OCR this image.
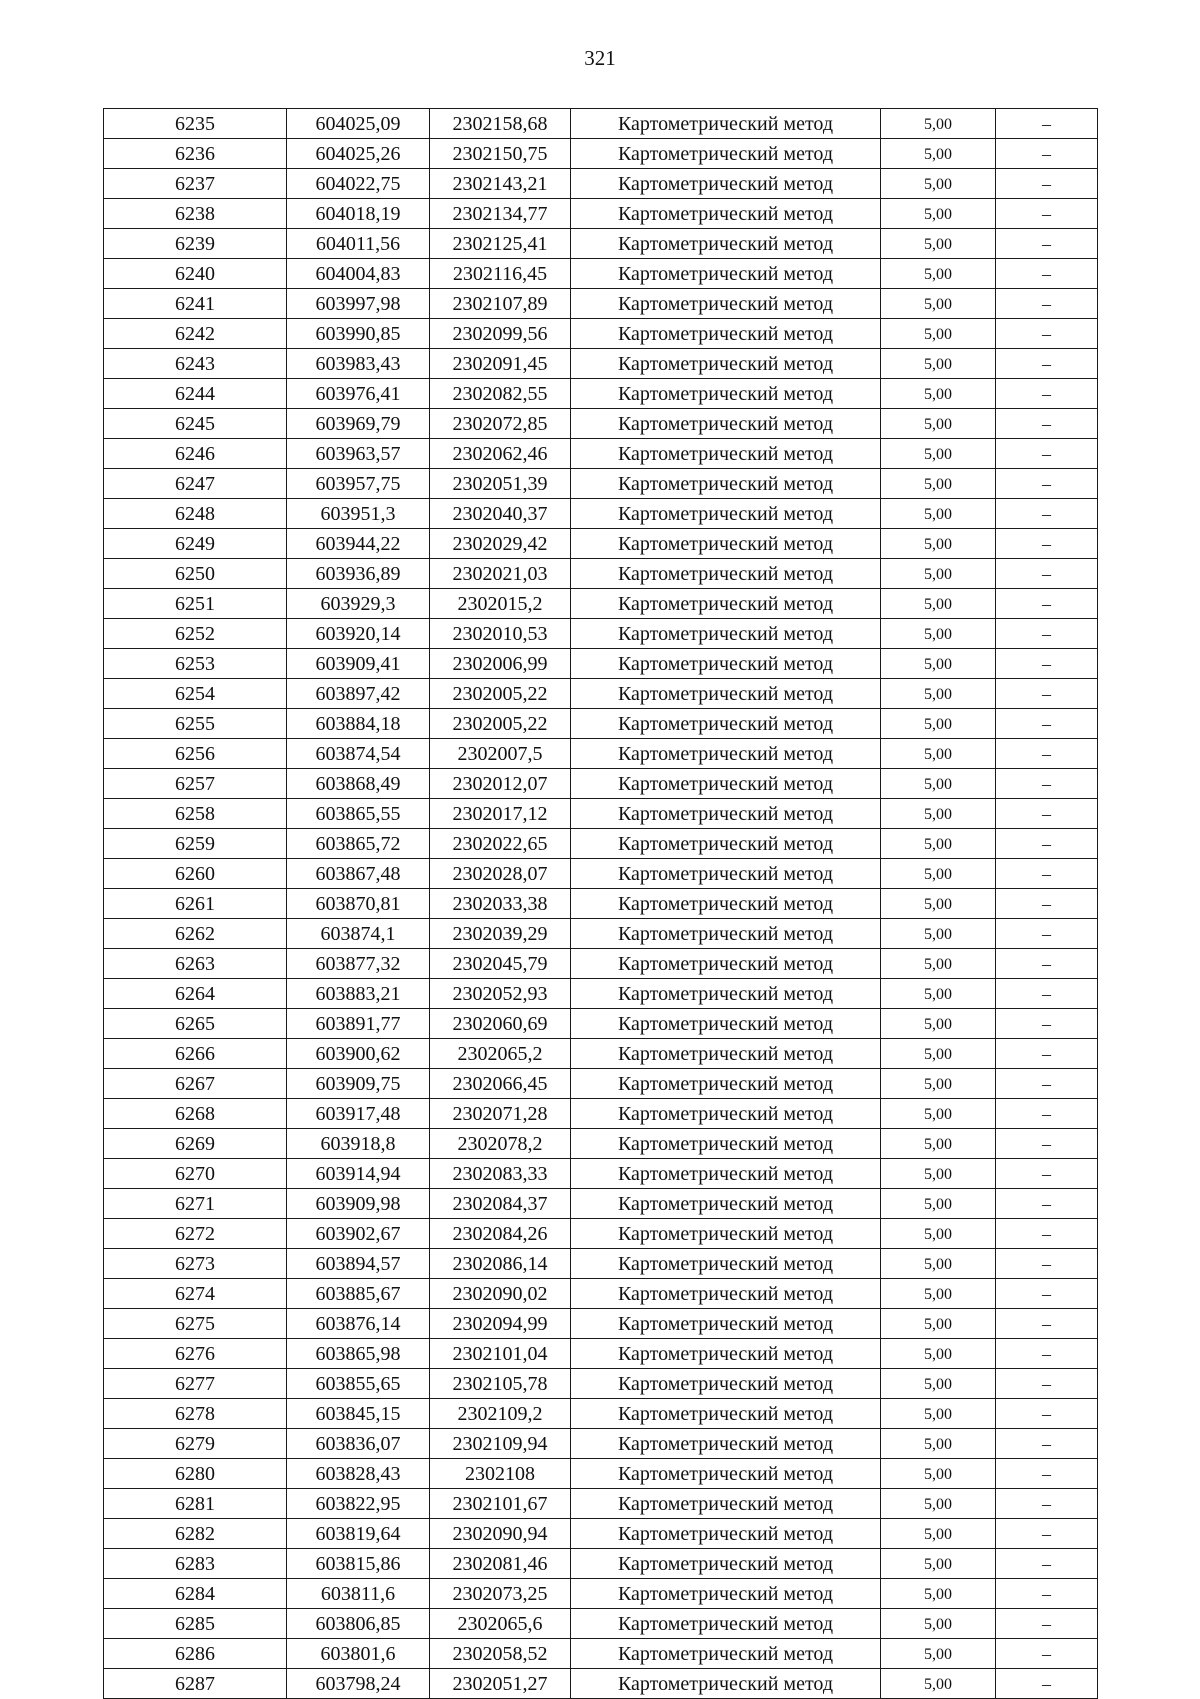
321
6235	604025,09	2302158,68	Картометрический метод	5,00	–
6236	604025,26	2302150,75	Картометрический метод	5,00	–
6237	604022,75	2302143,21	Картометрический метод	5,00	–
6238	604018,19	2302134,77	Картометрический метод	5,00	–
6239	604011,56	2302125,41	Картометрический метод	5,00	–
6240	604004,83	2302116,45	Картометрический метод	5,00	–
6241	603997,98	2302107,89	Картометрический метод	5,00	–
6242	603990,85	2302099,56	Картометрический метод	5,00	–
6243	603983,43	2302091,45	Картометрический метод	5,00	–
6244	603976,41	2302082,55	Картометрический метод	5,00	–
6245	603969,79	2302072,85	Картометрический метод	5,00	–
6246	603963,57	2302062,46	Картометрический метод	5,00	–
6247	603957,75	2302051,39	Картометрический метод	5,00	–
6248	603951,3	2302040,37	Картометрический метод	5,00	–
6249	603944,22	2302029,42	Картометрический метод	5,00	–
6250	603936,89	2302021,03	Картометрический метод	5,00	–
6251	603929,3	2302015,2	Картометрический метод	5,00	–
6252	603920,14	2302010,53	Картометрический метод	5,00	–
6253	603909,41	2302006,99	Картометрический метод	5,00	–
6254	603897,42	2302005,22	Картометрический метод	5,00	–
6255	603884,18	2302005,22	Картометрический метод	5,00	–
6256	603874,54	2302007,5	Картометрический метод	5,00	–
6257	603868,49	2302012,07	Картометрический метод	5,00	–
6258	603865,55	2302017,12	Картометрический метод	5,00	–
6259	603865,72	2302022,65	Картометрический метод	5,00	–
6260	603867,48	2302028,07	Картометрический метод	5,00	–
6261	603870,81	2302033,38	Картометрический метод	5,00	–
6262	603874,1	2302039,29	Картометрический метод	5,00	–
6263	603877,32	2302045,79	Картометрический метод	5,00	–
6264	603883,21	2302052,93	Картометрический метод	5,00	–
6265	603891,77	2302060,69	Картометрический метод	5,00	–
6266	603900,62	2302065,2	Картометрический метод	5,00	–
6267	603909,75	2302066,45	Картометрический метод	5,00	–
6268	603917,48	2302071,28	Картометрический метод	5,00	–
6269	603918,8	2302078,2	Картометрический метод	5,00	–
6270	603914,94	2302083,33	Картометрический метод	5,00	–
6271	603909,98	2302084,37	Картометрический метод	5,00	–
6272	603902,67	2302084,26	Картометрический метод	5,00	–
6273	603894,57	2302086,14	Картометрический метод	5,00	–
6274	603885,67	2302090,02	Картометрический метод	5,00	–
6275	603876,14	2302094,99	Картометрический метод	5,00	–
6276	603865,98	2302101,04	Картометрический метод	5,00	–
6277	603855,65	2302105,78	Картометрический метод	5,00	–
6278	603845,15	2302109,2	Картометрический метод	5,00	–
6279	603836,07	2302109,94	Картометрический метод	5,00	–
6280	603828,43	2302108	Картометрический метод	5,00	–
6281	603822,95	2302101,67	Картометрический метод	5,00	–
6282	603819,64	2302090,94	Картометрический метод	5,00	–
6283	603815,86	2302081,46	Картометрический метод	5,00	–
6284	603811,6	2302073,25	Картометрический метод	5,00	–
6285	603806,85	2302065,6	Картометрический метод	5,00	–
6286	603801,6	2302058,52	Картометрический метод	5,00	–
6287	603798,24	2302051,27	Картометрический метод	5,00	–
